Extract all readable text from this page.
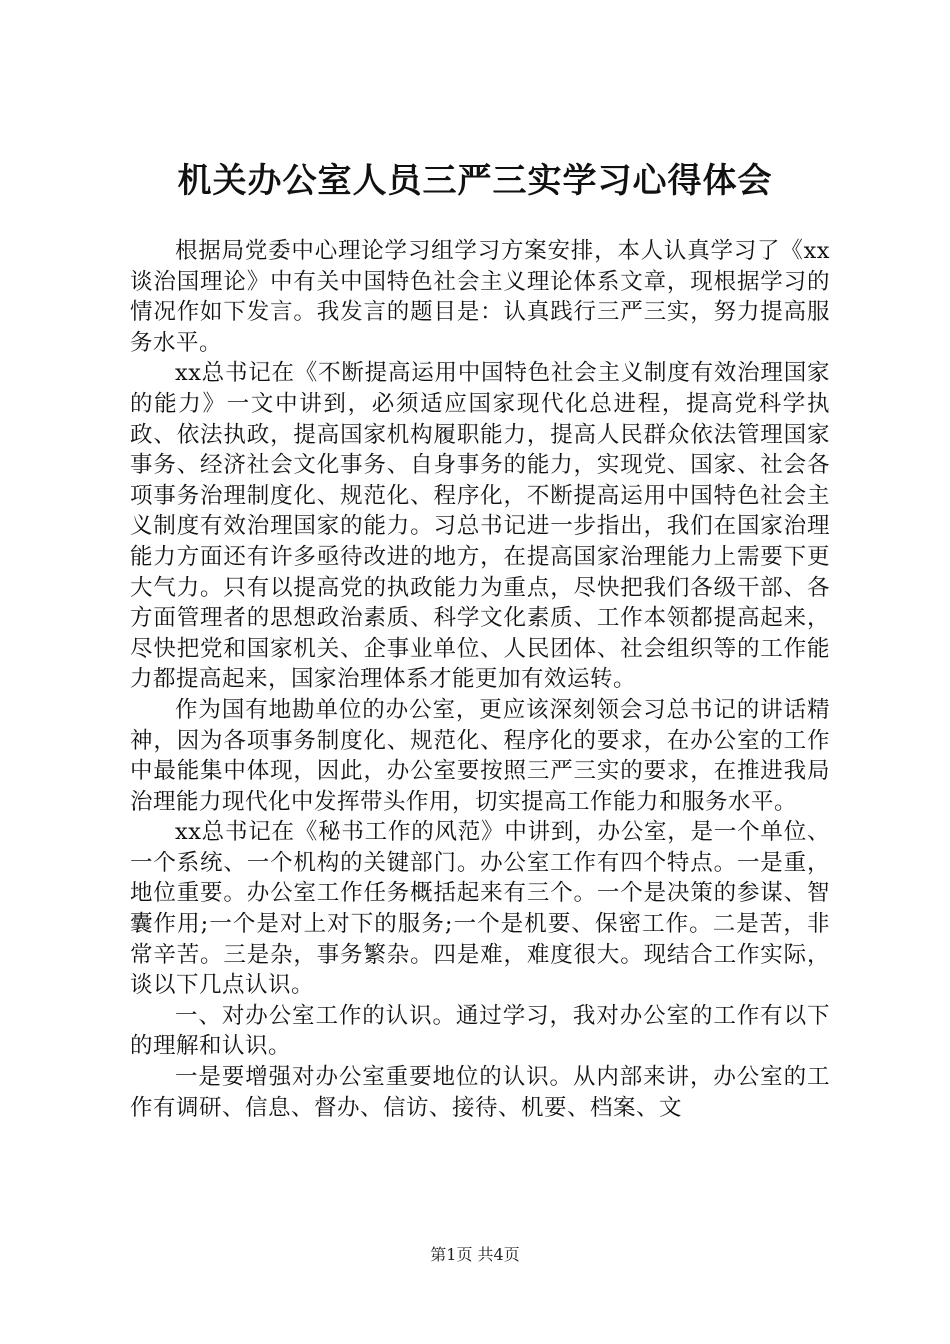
机关办公室人员三严三实学习心得体会

根据局党委中心理论学习组学习方案安排，本人认真学习了《xx谈治国理论》中有关中国特色社会主义理论体系文章，现根据学习的情况作如下发言。我发言的题目是：认真践行三严三实，努力提高服务水平。

xx总书记在《不断提高运用中国特色社会主义制度有效治理国家的能力》一文中讲到，必须适应国家现代化总进程，提高党科学执政、依法执政，提高国家机构履职能力，提高人民群众依法管理国家事务、经济社会文化事务、自身事务的能力，实现党、国家、社会各项事务治理制度化、规范化、程序化，不断提高运用中国特色社会主义制度有效治理国家的能力。习总书记进一步指出，我们在国家治理能力方面还有许多亟待改进的地方，在提高国家治理能力上需要下更大气力。只有以提高党的执政能力为重点，尽快把我们各级干部、各方面管理者的思想政治素质、科学文化素质、工作本领都提高起来，尽快把党和国家机关、企事业单位、人民团体、社会组织等的工作能力都提高起来，国家治理体系才能更加有效运转。

作为国有地勘单位的办公室，更应该深刻领会习总书记的讲话精神，因为各项事务制度化、规范化、程序化的要求，在办公室的工作中最能集中体现，因此，办公室要按照三严三实的要求，在推进我局治理能力现代化中发挥带头作用，切实提高工作能力和服务水平。

xx总书记在《秘书工作的风范》中讲到，办公室，是一个单位、一个系统、一个机构的关键部门。办公室工作有四个特点。一是重，地位重要。办公室工作任务概括起来有三个。一个是决策的参谋、智囊作用;一个是对上对下的服务;一个是机要、保密工作。二是苦，非常辛苦。三是杂，事务繁杂。四是难，难度很大。现结合工作实际，谈以下几点认识。

一、对办公室工作的认识。通过学习，我对办公室的工作有以下的理解和认识。

一是要增强对办公室重要地位的认识。从内部来讲，办公室的工作有调研、信息、督办、信访、接待、机要、档案、文

第1页 共4页
